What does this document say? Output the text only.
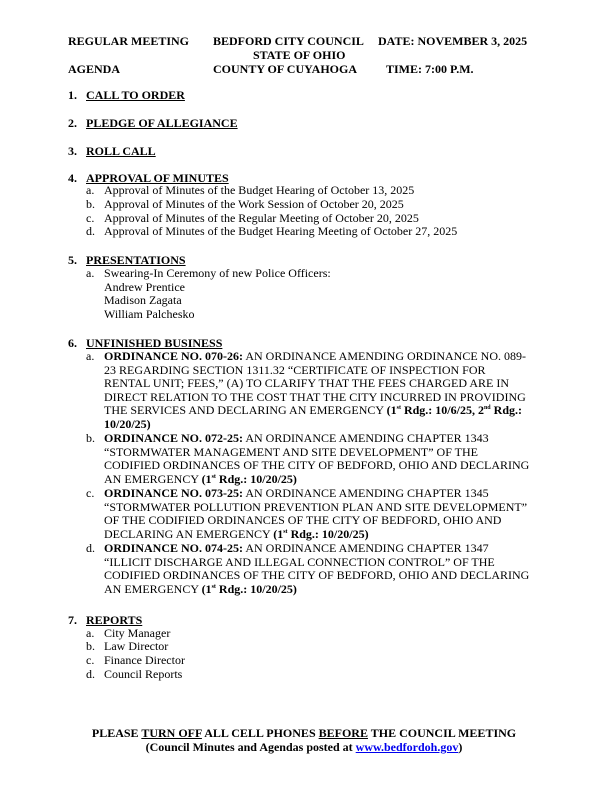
REGULAR MEETING
AGENDA
BEDFORD CITY COUNCIL
STATE OF OHIO
COUNTY OF CUYAHOGA
DATE: NOVEMBER 3, 2025
TIME: 7:00 P.M.
1. CALL TO ORDER
2. PLEDGE OF ALLEGIANCE
3. ROLL CALL
4. APPROVAL OF MINUTES
a. Approval of Minutes of the Budget Hearing of October 13, 2025
b. Approval of Minutes of the Work Session of October 20, 2025
c. Approval of Minutes of the Regular Meeting of October 20, 2025
d. Approval of Minutes of the Budget Hearing Meeting of October 27, 2025
5. PRESENTATIONS
a. Swearing-In Ceremony of new Police Officers:
Andrew Prentice
Madison Zagata
William Palchesko
6. UNFINISHED BUSINESS
a. ORDINANCE NO. 070-26: AN ORDINANCE AMENDING ORDINANCE NO. 089-
23 REGARDING SECTION 1311.32 “CERTIFICATE OF INSPECTION FOR
RENTAL UNIT; FEES,” (A) TO CLARIFY THAT THE FEES CHARGED ARE IN
DIRECT RELATION TO THE COST THAT THE CITY INCURRED IN PROVIDING
THE SERVICES AND DECLARING AN EMERGENCY (1st Rdg.: 10/6/25, 2nd Rdg.:
10/20/25)
b. ORDINANCE NO. 072-25: AN ORDINANCE AMENDING CHAPTER 1343
“STORMWATER MANAGEMENT AND SITE DEVELOPMENT” OF THE
CODIFIED ORDINANCES OF THE CITY OF BEDFORD, OHIO AND DECLARING
AN EMERGENCY (1st Rdg.: 10/20/25)
c. ORDINANCE NO. 073-25: AN ORDINANCE AMENDING CHAPTER 1345
“STORMWATER POLLUTION PREVENTION PLAN AND SITE DEVELOPMENT”
OF THE CODIFIED ORDINANCES OF THE CITY OF BEDFORD, OHIO AND
DECLARING AN EMERGENCY (1st Rdg.: 10/20/25)
d. ORDINANCE NO. 074-25: AN ORDINANCE AMENDING CHAPTER 1347
“ILLICIT DISCHARGE AND ILLEGAL CONNECTION CONTROL” OF THE
CODIFIED ORDINANCES OF THE CITY OF BEDFORD, OHIO AND DECLARING
AN EMERGENCY (1st Rdg.: 10/20/25)
7. REPORTS
a. City Manager
b. Law Director
c. Finance Director
d. Council Reports
PLEASE TURN OFF ALL CELL PHONES BEFORE THE COUNCIL MEETING
(Council Minutes and Agendas posted at www.bedfordoh.gov)
